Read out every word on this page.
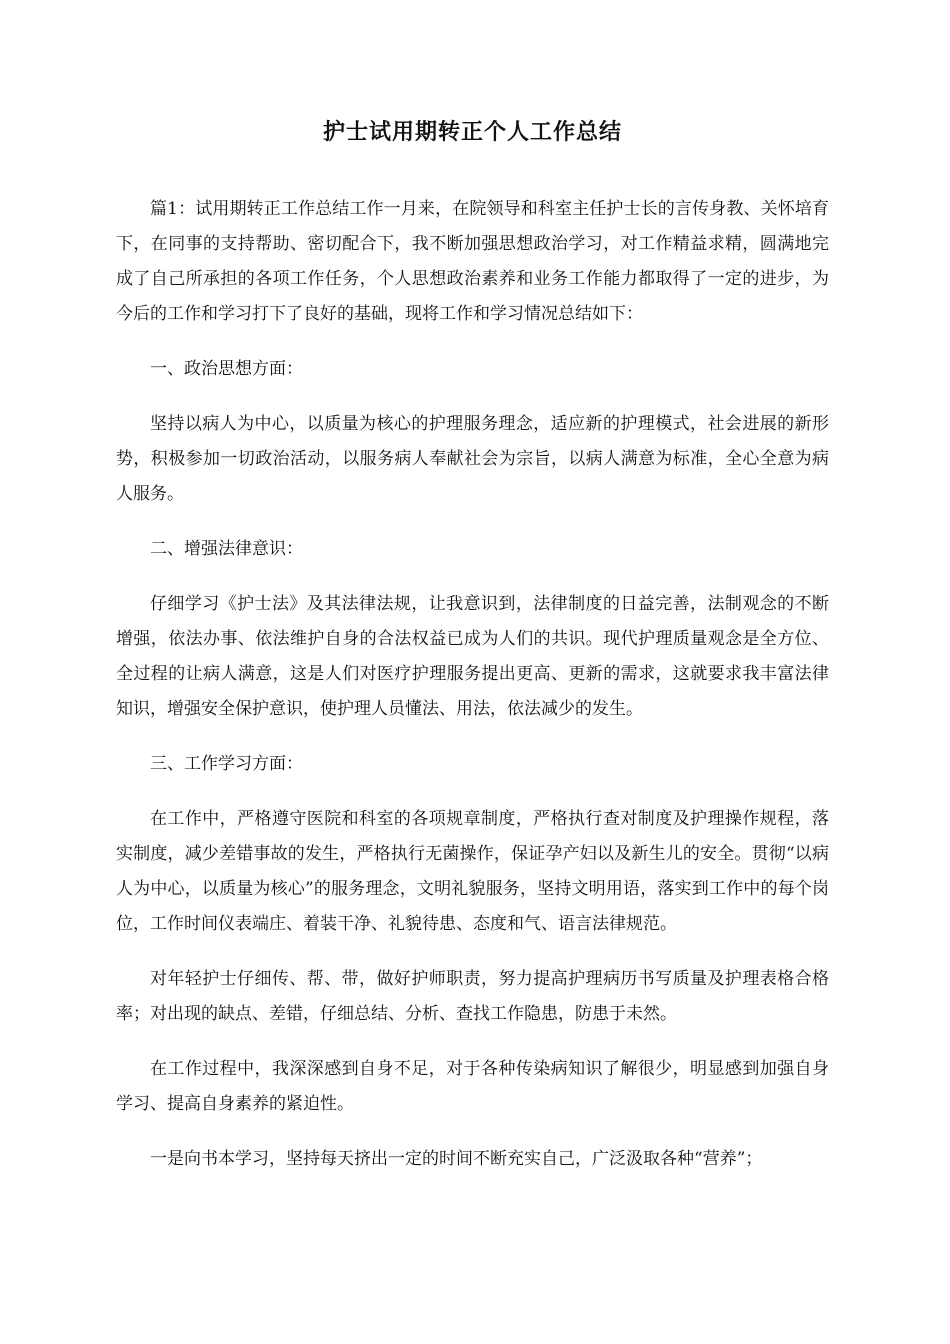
护士试用期转正个人工作总结

篇1：试用期转正工作总结工作一月来，在院领导和科室主任护士长的言传身教、关怀培育下，在同事的支持帮助、密切配合下，我不断加强思想政治学习，对工作精益求精，圆满地完成了自己所承担的各项工作任务，个人思想政治素养和业务工作能力都取得了一定的进步，为今后的工作和学习打下了良好的基础，现将工作和学习情况总结如下：

一、政治思想方面：

坚持以病人为中心，以质量为核心的护理服务理念，适应新的护理模式，社会进展的新形势，积极参加一切政治活动，以服务病人奉献社会为宗旨，以病人满意为标准，全心全意为病人服务。

二、增强法律意识：

仔细学习《护士法》及其法律法规，让我意识到，法律制度的日益完善，法制观念的不断增强，依法办事、依法维护自身的合法权益已成为人们的共识。现代护理质量观念是全方位、全过程的让病人满意，这是人们对医疗护理服务提出更高、更新的需求，这就要求我丰富法律知识，增强安全保护意识，使护理人员懂法、用法，依法减少的发生。

三、工作学习方面：

在工作中，严格遵守医院和科室的各项规章制度，严格执行查对制度及护理操作规程，落实制度，减少差错事故的发生，严格执行无菌操作，保证孕产妇以及新生儿的安全。贯彻“以病人为中心，以质量为核心”的服务理念，文明礼貌服务，坚持文明用语，落实到工作中的每个岗位，工作时间仪表端庄、着装干净、礼貌待患、态度和气、语言法律规范。

对年轻护士仔细传、帮、带，做好护师职责，努力提高护理病历书写质量及护理表格合格率；对出现的缺点、差错，仔细总结、分析、查找工作隐患，防患于未然。

在工作过程中，我深深感到自身不足，对于各种传染病知识了解很少，明显感到加强自身学习、提高自身素养的紧迫性。

一是向书本学习，坚持每天挤出一定的时间不断充实自己，广泛汲取各种“营养”；
